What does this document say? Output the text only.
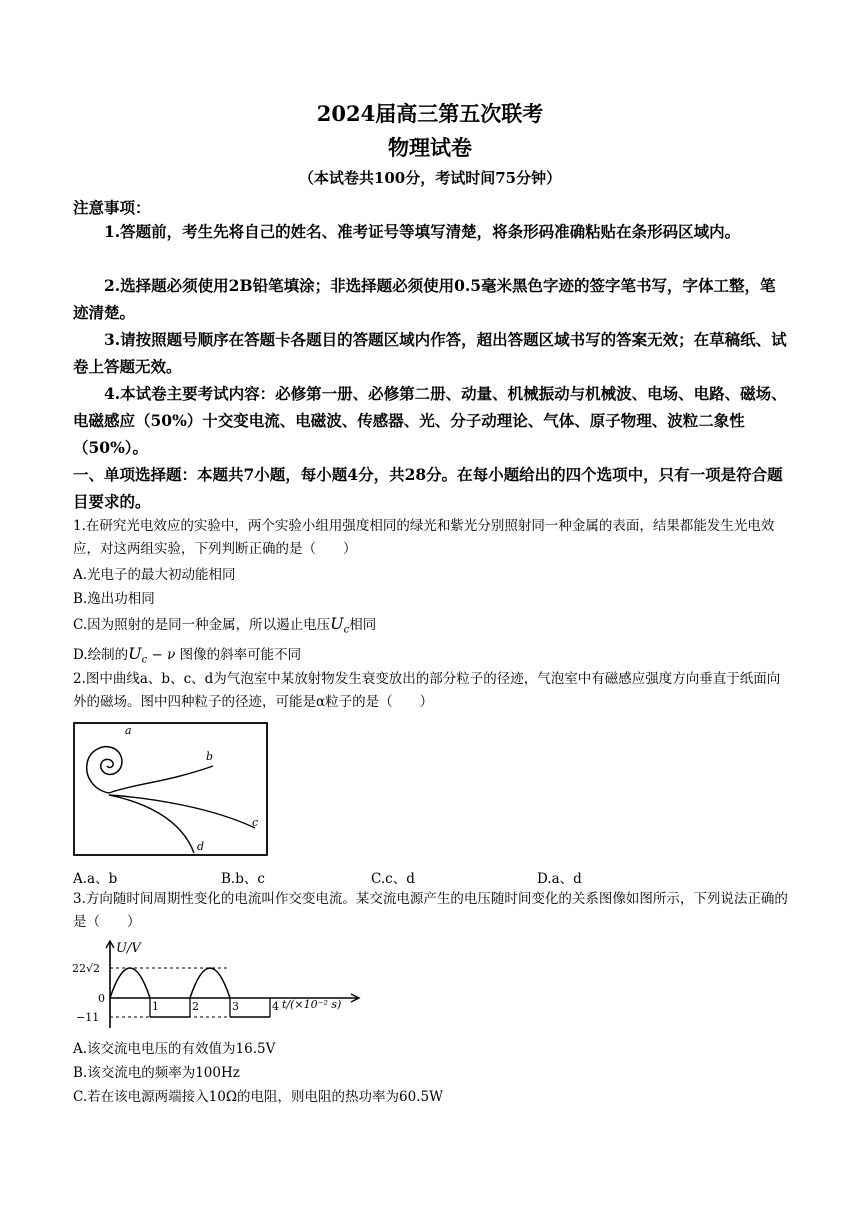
2024届高三第五次联考
物理试卷
（本试卷共100分，考试时间75分钟）
注意事项：

1.答题前，考生先将自己的姓名、准考证号等填写清楚，将条形码准确粘贴在条形码区域内。

2.选择题必须使用2B铅笔填涂；非选择题必须使用0.5毫米黑色字迹的签字笔书写，字体工整，笔迹清楚。

3.请按照题号顺序在答题卡各题目的答题区域内作答，超出答题区域书写的答案无效；在草稿纸、试卷上答题无效。

4.本试卷主要考试内容：必修第一册、必修第二册、动量、机械振动与机械波、电场、电路、磁场、电磁感应（50%）十交变电流、电磁波、传感器、光、分子动理论、气体、原子物理、波粒二象性（50%）。

一、单项选择题：本题共7小题，每小题4分，共28分。在每小题给出的四个选项中，只有一项是符合题目要求的。

1.在研究光电效应的实验中，两个实验小组用强度相同的绿光和紫光分别照射同一种金属的表面，结果都能发生光电效应，对这两组实验，下列判断正确的是（　　）

A.光电子的最大初动能相同
B.逸出功相同
C.因为照射的是同一种金属，所以遏止电压$U_c$相同
D.绘制的$U_c - \nu$ 图像的斜率可能不同

2.图中曲线a、b、c、d为气泡室中某放射物发生衰变放出的部分粒子的径迹，气泡室中有磁感应强度方向垂直于纸面向外的磁场。图中四种粒子的径迹，可能是α粒子的是（　　）

a
b
c
d
A.a、b	B.b、c	C.c、d	D.a、d

3.方向随时间周期性变化的电流叫作交变电流。某交流电源产生的电压随时间变化的关系图像如图所示，下列说法正确的是（　　）

U/V
22√2
0
−11
1	2	3	4 t/(×10⁻² s)
A.该交流电电压的有效值为16.5V
B.该交流电的频率为100Hz
C.若在该电源两端接入10Ω的电阻，则电阻的热功率为60.5W
